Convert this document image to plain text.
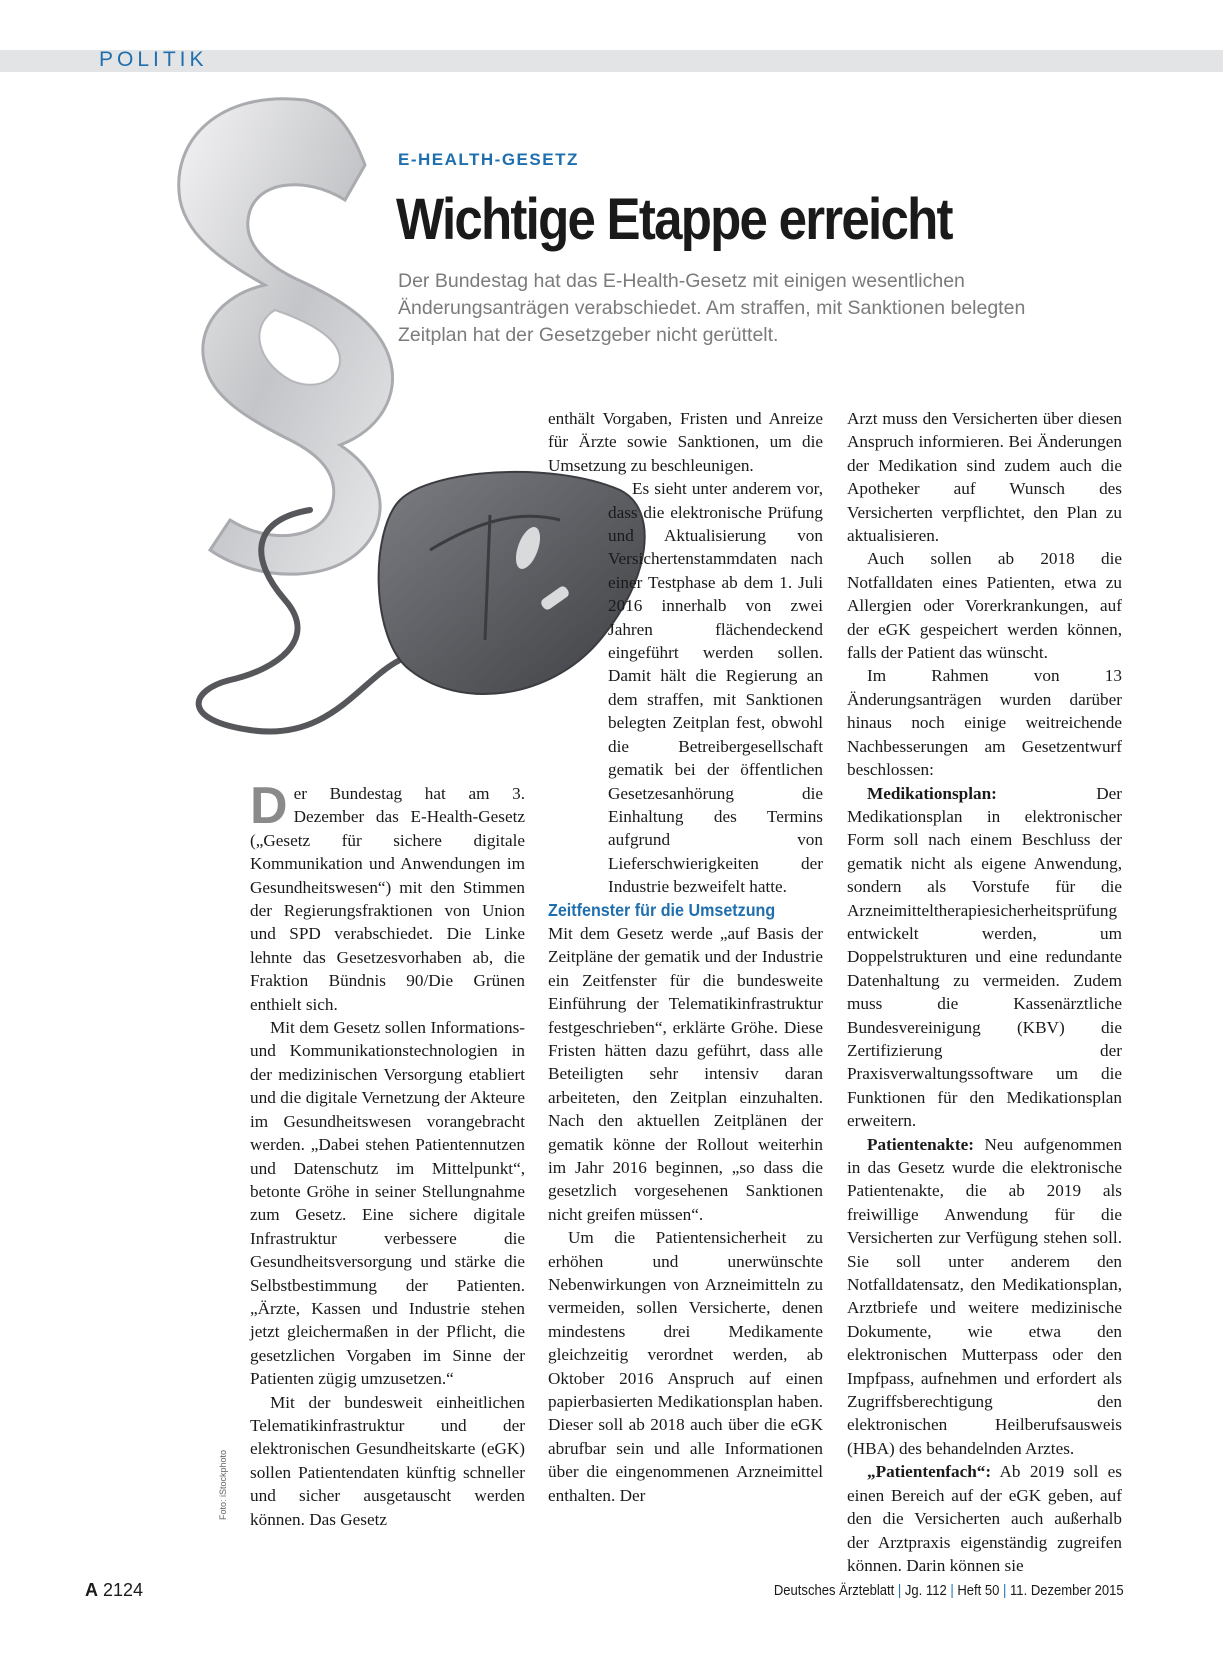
POLITIK
E-HEALTH-GESETZ
Wichtige Etappe erreicht
Der Bundestag hat das E-Health-Gesetz mit einigen wesentlichen Änderungsanträgen verabschiedet. Am straffen, mit Sanktionen belegten Zeitplan hat der Gesetzgeber nicht gerüttelt.

Der Bundestag hat am 3. Dezember das E-Health-Gesetz („Gesetz für sichere digitale Kommunikation und Anwendungen im Gesundheitswesen“) mit den Stimmen der Regierungsfraktionen von Union und SPD verabschiedet. Die Linke lehnte das Gesetzesvorhaben ab, die Fraktion Bündnis 90/Die Grünen enthielt sich.

Mit dem Gesetz sollen Informations- und Kommunikationstechnologien in der medizinischen Versorgung etabliert und die digitale Vernetzung der Akteure im Gesundheitswesen vorangebracht werden. „Dabei stehen Patientennutzen und Datenschutz im Mittelpunkt“, betonte Gröhe in seiner Stellungnahme zum Gesetz. Eine sichere digitale Infrastruktur verbessere die Gesundheitsversorgung und stärke die Selbstbestimmung der Patienten. „Ärzte, Kassen und Industrie stehen jetzt gleichermaßen in der Pflicht, die gesetzlichen Vorgaben im Sinne der Patienten zügig umzusetzen.“

Mit der bundesweit einheitlichen Telematikinfrastruktur und der elektronischen Gesundheitskarte (eGK) sollen Patientendaten künftig schneller und sicher ausgetauscht werden können. Das Gesetz

enthält Vorgaben, Fristen und Anreize für Ärzte sowie Sanktionen, um die Umsetzung zu beschleunigen.

Es sieht unter anderem vor, dass die elektronische Prüfung und Aktualisierung von Versichertenstammdaten nach einer Testphase ab dem 1. Juli 2016 innerhalb von zwei Jahren flächendeckend eingeführt werden sollen. Damit hält die Regierung an dem straffen, mit Sanktionen belegten Zeitplan fest, obwohl die Betreibergesellschaft gematik bei der öffentlichen Gesetzesanhörung die Einhaltung des Termins aufgrund von Lieferschwierigkeiten der Industrie bezweifelt hatte.

Zeitfenster für die Umsetzung

Mit dem Gesetz werde „auf Basis der Zeitpläne der gematik und der Industrie ein Zeitfenster für die bundesweite Einführung der Telematikinfrastruktur festgeschrieben“, erklärte Gröhe. Diese Fristen hätten dazu geführt, dass alle Beteiligten sehr intensiv daran arbeiteten, den Zeitplan einzuhalten. Nach den aktuellen Zeitplänen der gematik könne der Rollout weiterhin im Jahr 2016 beginnen, „so dass die gesetzlich vorgesehenen Sanktionen nicht greifen müssen“.

Um die Patientensicherheit zu erhöhen und unerwünschte Nebenwirkungen von Arzneimitteln zu vermeiden, sollen Versicherte, denen mindestens drei Medikamente gleichzeitig verordnet werden, ab Oktober 2016 Anspruch auf einen papierbasierten Medikationsplan haben. Dieser soll ab 2018 auch über die eGK abrufbar sein und alle Informationen über die eingenommenen Arzneimittel enthalten. Der

Arzt muss den Versicherten über diesen Anspruch informieren. Bei Änderungen der Medikation sind zudem auch die Apotheker auf Wunsch des Versicherten verpflichtet, den Plan zu aktualisieren.

Auch sollen ab 2018 die Notfalldaten eines Patienten, etwa zu Allergien oder Vorerkrankungen, auf der eGK gespeichert werden können, falls der Patient das wünscht.

Im Rahmen von 13 Änderungsanträgen wurden darüber hinaus noch einige weitreichende Nachbesserungen am Gesetzentwurf beschlossen:

Medikationsplan: Der Medikationsplan in elektronischer Form soll nach einem Beschluss der gematik nicht als eigene Anwendung, sondern als Vorstufe für die Arzneimitteltherapiesicherheitsprüfung entwickelt werden, um Doppelstrukturen und eine redundante Datenhaltung zu vermeiden. Zudem muss die Kassenärztliche Bundesvereinigung (KBV) die Zertifizierung der Praxisverwaltungssoftware um die Funktionen für den Medikationsplan erweitern.

Patientenakte: Neu aufgenommen in das Gesetz wurde die elektronische Patientenakte, die ab 2019 als freiwillige Anwendung für die Versicherten zur Verfügung stehen soll. Sie soll unter anderem den Notfalldatensatz, den Medikationsplan, Arztbriefe und weitere medizinische Dokumente, wie etwa den elektronischen Mutterpass oder den Impfpass, aufnehmen und erfordert als Zugriffsberechtigung den elektronischen Heilberufsausweis (HBA) des behandelnden Arztes.

„Patientenfach“: Ab 2019 soll es einen Bereich auf der eGK geben, auf den die Versicherten auch außerhalb der Arztpraxis eigenständig zugreifen können. Darin können sie

Foto: iStockphoto
A 2124	Deutsches Ärzteblatt | Jg. 112 | Heft 50 | 11. Dezember 2015
